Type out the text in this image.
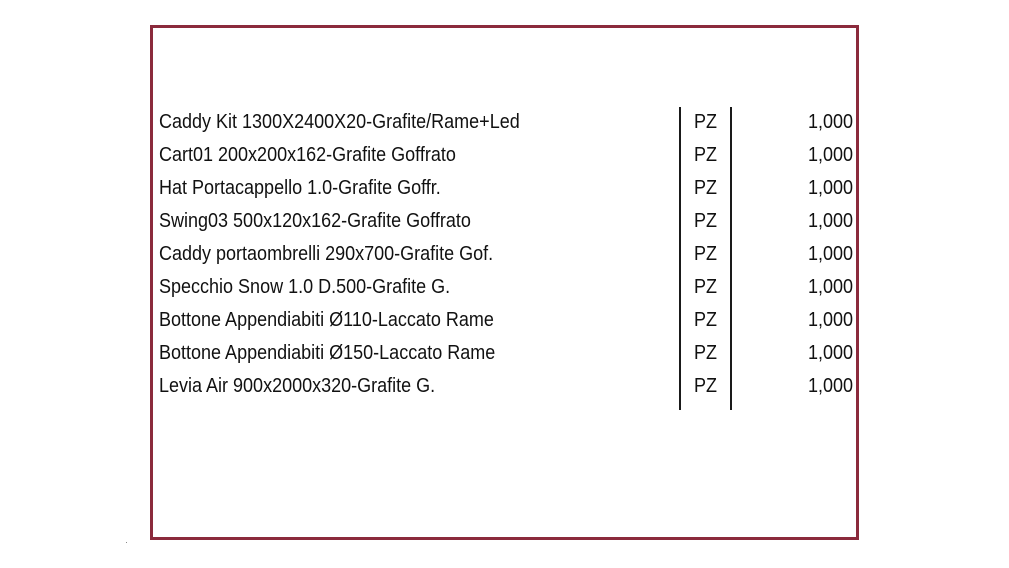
Caddy Kit 1300X2400X20-Grafite/Rame+Led	PZ	1,000
Cart01 200x200x162-Grafite Goffrato	PZ	1,000
Hat Portacappello 1.0-Grafite Goffr.	PZ	1,000
Swing03 500x120x162-Grafite Goffrato	PZ	1,000
Caddy portaombrelli 290x700-Grafite Gof.	PZ	1,000
Specchio Snow 1.0 D.500-Grafite G.	PZ	1,000
Bottone Appendiabiti Ø110-Laccato Rame	PZ	1,000
Bottone Appendiabiti Ø150-Laccato Rame	PZ	1,000
Levia Air 900x2000x320-Grafite G.	PZ	1,000
